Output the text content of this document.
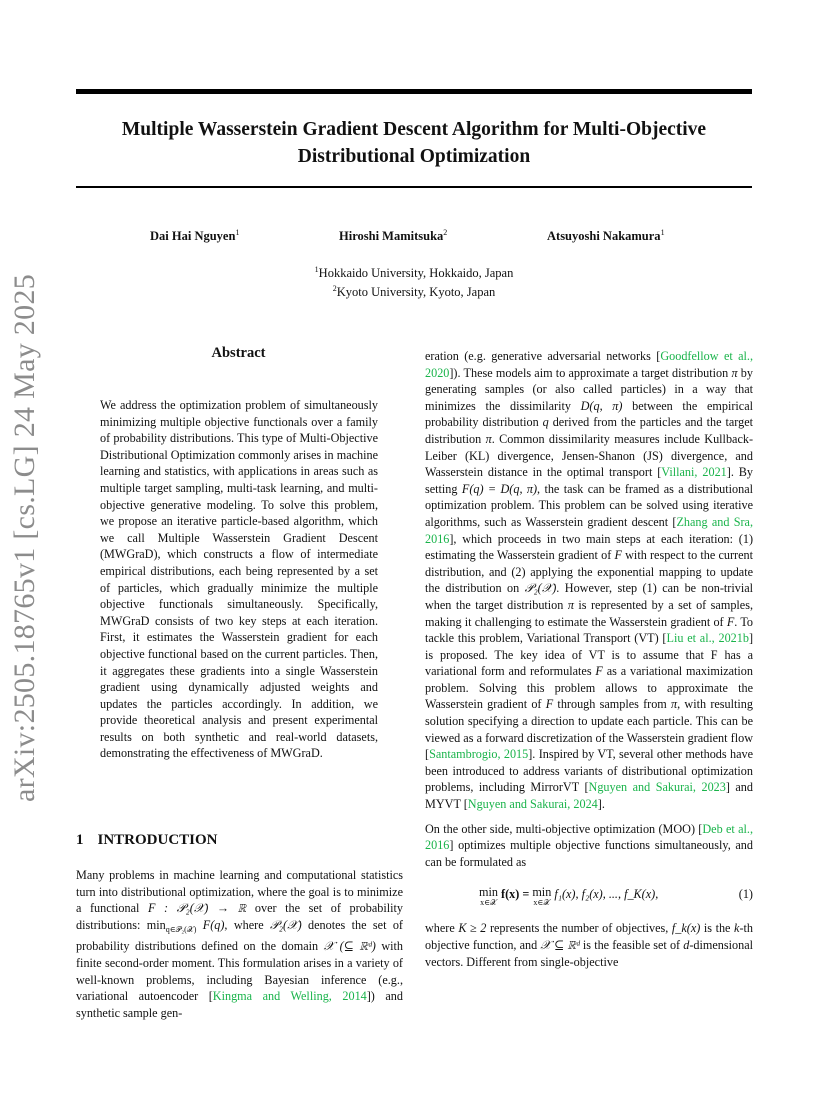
Multiple Wasserstein Gradient Descent Algorithm for Multi-Objective
Distributional Optimization
Dai Hai Nguyen$^1$	Hiroshi Mamitsuka$^2$	Atsuyoshi Nakamura$^1$
$^1$Hokkaido University, Hokkaido, Japan
$^2$Kyoto University, Kyoto, Japan
arXiv:2505.18765v1 [cs.LG] 24 May 2025	Abstract
We address the optimization problem of simultaneously minimizing multiple objective functionals over a family of probability distributions. This type of Multi-Objective Distributional Optimization commonly arises in machine learning and statistics, with applications in areas such as multiple target sampling, multi-task learning, and multi-objective generative modeling. To solve this problem, we propose an iterative particle-based algorithm, which we call Multiple Wasserstein Gradient Descent (MWGraD), which constructs a flow of intermediate empirical distributions, each being represented by a set of particles, which gradually minimize the multiple objective functionals simultaneously. Specifically, MWGraD consists of two key steps at each iteration. First, it estimates the Wasserstein gradient for each objective functional based on the current particles. Then, it aggregates these gradients into a single Wasserstein gradient using dynamically adjusted weights and updates the particles accordingly. In addition, we provide theoretical analysis and present experimental results on both synthetic and real-world datasets, demonstrating the effectiveness of MWGraD.
1 INTRODUCTION

Many problems in machine learning and computational statistics turn into distributional optimization, where the goal is to minimize a functional F : 𝒫₂(𝒳) → ℝ over the set of probability distributions: $\min_{q\in 𝒫_2(𝒳)} F(q)$, where 𝒫₂(𝒳) denotes the set of probability distributions defined on the domain 𝒳 (⊆ ℝᵈ) with finite second-order moment. This formulation arises in a variety of well-known problems, including Bayesian inference (e.g., variational autoencoder [Kingma and Welling, 2014]) and synthetic sample gen-

eration (e.g. generative adversarial networks [Goodfellow et al., 2020]). These models aim to approximate a target distribution π by generating samples (or also called particles) in a way that minimizes the dissimilarity D(q, π) between the empirical probability distribution q derived from the particles and the target distribution π. Common dissimilarity measures include Kullback-Leiber (KL) divergence, Jensen-Shanon (JS) divergence, and Wasserstein distance in the optimal transport [Villani, 2021]. By setting F(q) = D(q, π), the task can be framed as a distributional optimization problem. This problem can be solved using iterative algorithms, such as Wasserstein gradient descent [Zhang and Sra, 2016], which proceeds in two main steps at each iteration: (1) estimating the Wasserstein gradient of F with respect to the current distribution, and (2) applying the exponential mapping to update the distribution on 𝒫₂(𝒳). However, step (1) can be non-trivial when the target distribution π is represented by a set of samples, making it challenging to estimate the Wasserstein gradient of F. To tackle this problem, Variational Transport (VT) [Liu et al., 2021b] is proposed. The key idea of VT is to assume that F has a variational form and reformulates F as a variational maximization problem. Solving this problem allows to approximate the Wasserstein gradient of F through samples from π, with resulting solution specifying a direction to update each particle. This can be viewed as a forward discretization of the Wasserstein gradient flow [Santambrogio, 2015]. Inspired by VT, several other methods have been introduced to address variants of distributional optimization problems, including MirrorVT [Nguyen and Sakurai, 2023] and MYVT [Nguyen and Sakurai, 2024].

On the other side, multi-objective optimization (MOO) [Deb et al., 2016] optimizes multiple objective functions simultaneously, and can be formulated as

min
x∈𝒳
f(x) = min
x∈𝒳
f₁(x), f₂(x), ..., f_K(x),	(1)

where K ≥ 2 represents the number of objectives, f_k(x) is the k-th objective function, and 𝒳 ⊆ ℝᵈ is the feasible set of d-dimensional vectors. Different from single-objective
